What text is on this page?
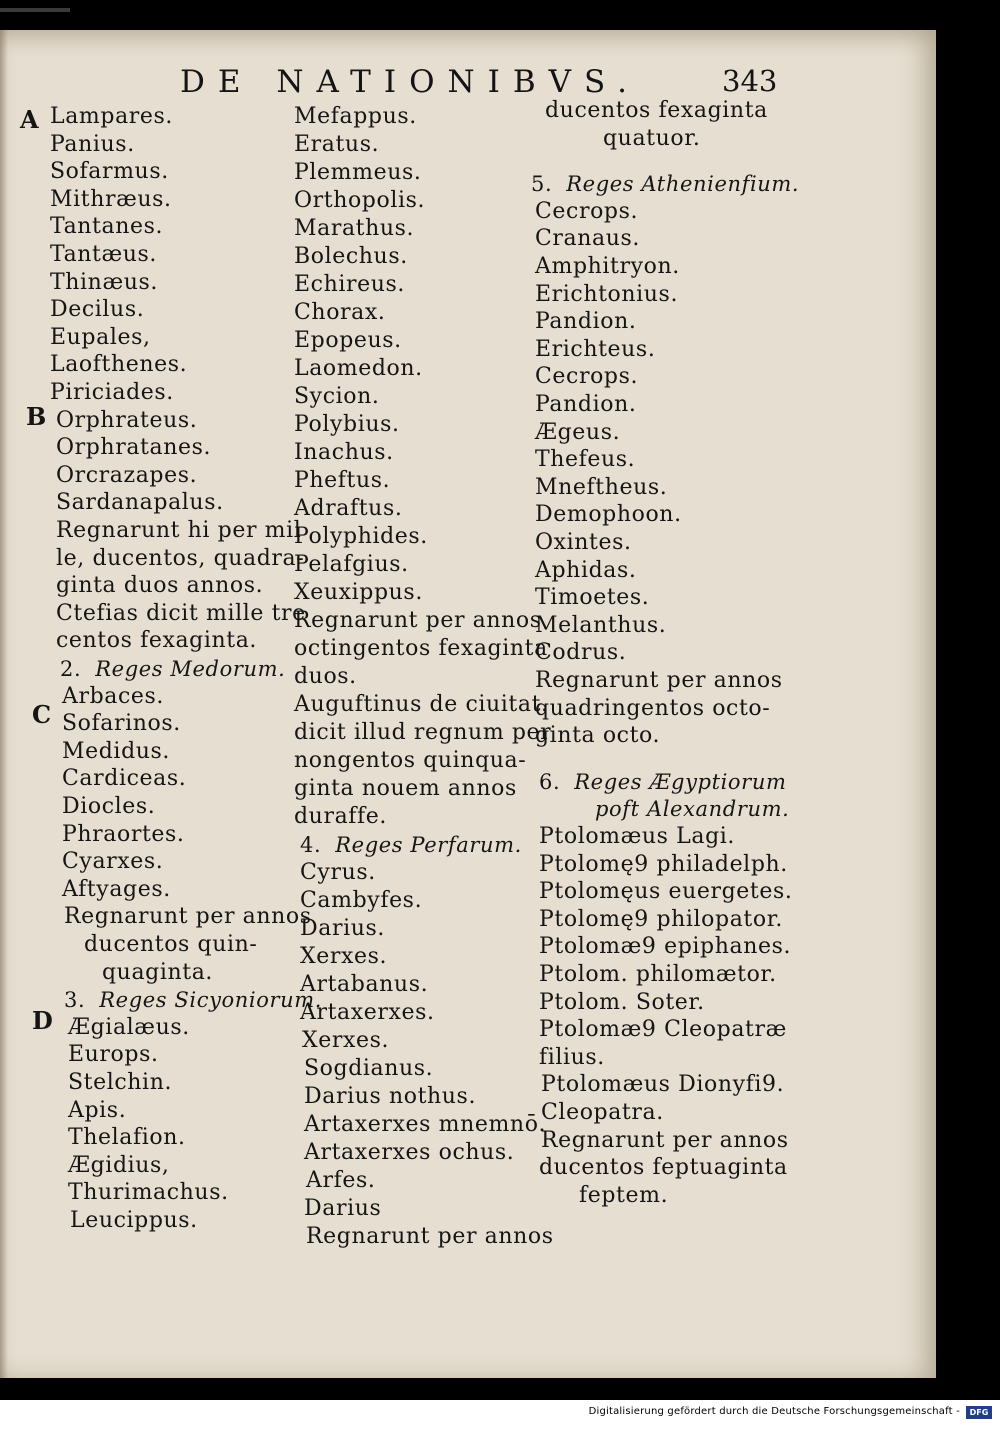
DE NATIONIBVS.	343
Lampares.
Panius.
Sofarmus.
Mithræus.
Tantanes.
Tantæus.
Thinæus.
Decilus.
Eupales,
Laofthenes.
Piriciades.
Orphrateus.
Orphratanes.
Orcrazapes.
Sardanapalus.
Regnarunt hi per mil
le, ducentos, quadra-
ginta duos annos.
Ctefias dicit mille tre
centos fexaginta.
2. Reges Medorum.
Arbaces.
Sofarinos.
Medidus.
Cardiceas.
Diocles.
Phraortes.
Cyarxes.
Aftyages.
Regnarunt per annos
ducentos quin-
quaginta.
3. Reges Sicyoniorum.
Ægialæus.
Europs.
Stelchin.
Apis.
Thelafion.
Ægidius,
Thurimachus.
Leucippus.
Mefappus.
Eratus.
Plemmeus.
Orthopolis.
Marathus.
Bolechus.
Echireus.
Chorax.
Epopeus.
Laomedon.
Sycion.
Polybius.
Inachus.
Pheftus.
Adraftus.
Polyphides.
Pelafgius.
Xeuxippus.
Regnarunt per annos
octingentos fexaginta
duos.
Auguftinus de ciuitat.
dicit illud regnum per
nongentos quinqua-
ginta nouem annos
duraffe.
4. Reges Perfarum.
Cyrus.
Cambyfes.
Darius.
Xerxes.
Artabanus.
Artaxerxes.
Xerxes.
Sogdianus.
Darius nothus.
Artaxerxes mnemnō.
Artaxerxes ochus.
Arfes.
Darius
Regnarunt per annos
ducentos fexaginta
quatuor.
5. Reges Athenienfium.
Cecrops.
Cranaus.
Amphitryon.
Erichtonius.
Pandion.
Erichteus.
Cecrops.
Pandion.
Ægeus.
Thefeus.
Mneftheus.
Demophoon.
Oxintes.
Aphidas.
Timoetes.
Melanthus.
Codrus.
Regnarunt per annos
quadringentos octo-
ginta octo.
6. Reges Ægyptiorum
poft Alexandrum.
Ptolomæus Lagi.
Ptolomę9 philadelph.
Ptolomęus euergetes.
Ptolomę9 philopator.
Ptolomæ9 epiphanes.
Ptolom. philomætor.
Ptolom. Soter.
Ptolomæ9 Cleopatræ
filius.
Ptolomæus Dionyfi9.
Cleopatra.
Regnarunt per annos
ducentos feptuaginta
feptem.
A
B
C
D
Digitalisierung gefördert durch die Deutsche Forschungsgemeinschaft -	DFG
